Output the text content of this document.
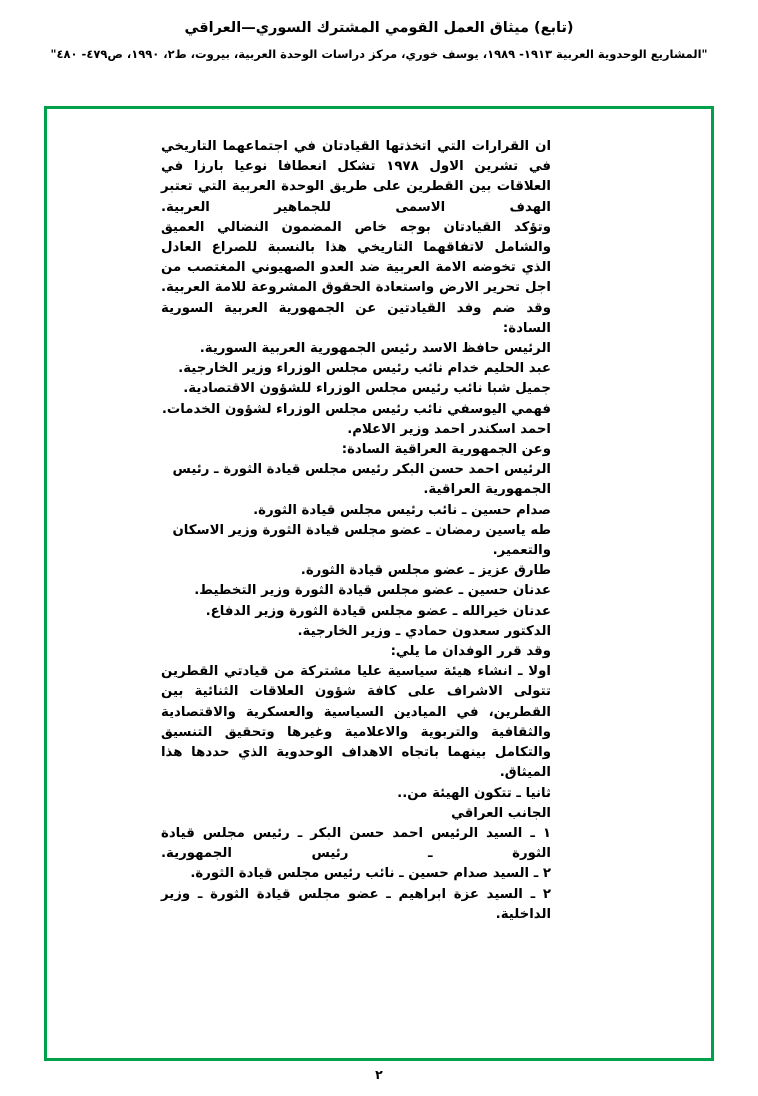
(تابع) ميثاق العمل القومي المشترك السوري—العراقي
"المشاريع الوحدوية العربية ١٩١٣- ١٩٨٩، يوسف خوري، مركز دراسات الوحدة العربية، بيروت، ط٢، ١٩٩٠، ص٤٧٩- ٤٨٠"

ان القرارات التي اتخذتها القيادتان في اجتماعهما التاريخي في تشرين الاول ١٩٧٨ تشكل انعطافا نوعيا بارزا في العلاقات بين القطرين على طريق الوحدة العربية التي تعتبر الهدف الاسمى للجماهير العربية.

وتؤكد القيادتان بوجه خاص المضمون النضالي العميق والشامل لاتفاقهما التاريخي هذا بالنسبة للصراع العادل الذي تخوضه الامة العربية ضد العدو الصهيوني المغتصب من اجل تحرير الارض واستعادة الحقوق المشروعة للامة العربية.

وقد ضم وفد القيادتين عن الجمهورية العربية السورية السادة:

الرئيس حافظ الاسد رئيس الجمهورية العربية السورية.

عبد الحليم خدام نائب رئيس مجلس الوزراء وزير الخارجية.

جميل شبا نائب رئيس مجلس الوزراء للشؤون الاقتصادية.

فهمي اليوسفي نائب رئيس مجلس الوزراء لشؤون الخدمات.

احمد اسكندر احمد وزير الاعلام.

وعن الجمهورية العراقية السادة:

الرئيس احمد حسن البكر رئيس مجلس قيادة الثورة ـ رئيس الجمهورية العراقية.

صدام حسين ـ نائب رئيس مجلس قيادة الثورة.

طه ياسين رمضان ـ عضو مجلس قيادة الثورة وزير الاسكان والتعمير.

طارق عزيز ـ عضو مجلس قيادة الثورة.

عدنان حسين ـ عضو مجلس قيادة الثورة وزير التخطيط.

عدنان خيرالله ـ عضو مجلس قيادة الثورة وزير الدفاع.

الدكتور سعدون حمادي ـ وزير الخارجية.

وقد قرر الوفدان ما يلي:

اولا ـ انشاء هيئة سياسية عليا مشتركة من قيادتي القطرين تتولى الاشراف على كافة شؤون العلاقات الثنائية بين القطرين، في الميادين السياسية والعسكرية والاقتصادية والثقافية والتربوية والاعلامية وغيرها وتحقيق التنسيق والتكامل بينهما باتجاه الاهداف الوحدوية الذي حددها هذا الميثاق.

ثانيا ـ تتكون الهيئة من..

الجانب العراقي

١ ـ السيد الرئيس احمد حسن البكر ـ رئيس مجلس قيادة الثورة ـ رئيس الجمهورية.

٢ ـ السيد صدام حسين ـ نائب رئيس مجلس قيادة الثورة.

٢ ـ السيد عزة ابراهيم ـ عضو مجلس قيادة الثورة ـ وزير الداخلية.

٢
